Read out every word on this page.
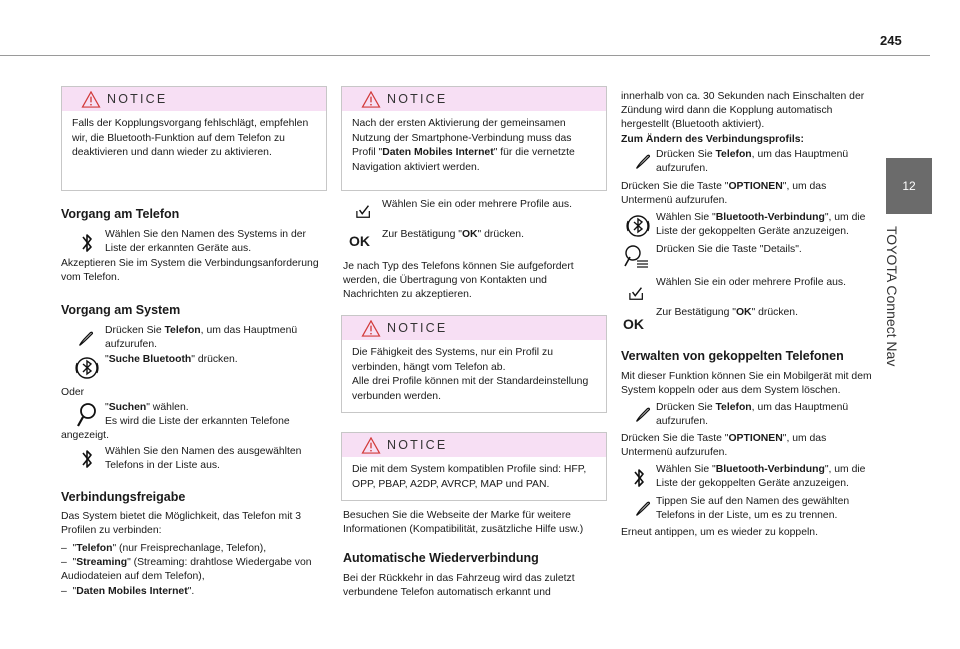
245
12
TOYOTA Connect Nav
NOTICE
Falls der Kopplungsvorgang fehlschlägt, empfehlen wir, die Bluetooth-Funktion auf dem Telefon zu deaktivieren und dann wieder zu aktivieren.
Vorgang am Telefon

Wählen Sie den Namen des Systems in der Liste der erkannten Geräte aus.

Akzeptieren Sie im System die Verbindungsanforderung vom Telefon.

Vorgang am System

Drücken Sie Telefon, um das Hauptmenü aufzurufen.

"Suche Bluetooth" drücken.

Oder

"Suchen" wählen.

Es wird die Liste der erkannten Telefone

angezeigt.

Wählen Sie den Namen des ausgewählten Telefons in der Liste aus.

Verbindungsfreigabe

Das System bietet die Möglichkeit, das Telefon mit 3 Profilen zu verbinden:

–  "Telefon" (nur Freisprechanlage, Telefon),

–  "Streaming" (Streaming: drahtlose Wiedergabe von Audiodateien auf dem Telefon),

–  "Daten Mobiles Internet".

NOTICE
Nach der ersten Aktivierung der gemeinsamen Nutzung der Smartphone-Verbindung muss das Profil "Daten Mobiles Internet" für die vernetzte Navigation aktiviert werden.

Wählen Sie ein oder mehrere Profile aus.

OK Zur Bestätigung "OK" drücken.

Je nach Typ des Telefons können Sie aufgefordert werden, die Übertragung von Kontakten und Nachrichten zu akzeptieren.

NOTICE
Die Fähigkeit des Systems, nur ein Profil zu verbinden, hängt vom Telefon ab.
Alle drei Profile können mit der Standardeinstellung verbunden werden.
NOTICE
Die mit dem System kompatiblen Profile sind: HFP, OPP, PBAP, A2DP, AVRCP, MAP und PAN.

Besuchen Sie die Webseite der Marke für weitere Informationen (Kompatibilität, zusätzliche Hilfe usw.)

Automatische Wiederverbindung

Bei der Rückkehr in das Fahrzeug wird das zuletzt verbundene Telefon automatisch erkannt und

innerhalb von ca. 30 Sekunden nach Einschalten der Zündung wird dann die Kopplung automatisch hergestellt (Bluetooth aktiviert).

Zum Ändern des Verbindungsprofils:

Drücken Sie Telefon, um das Hauptmenü aufzurufen.

Drücken Sie die Taste "OPTIONEN", um das Untermenü aufzurufen.

Wählen Sie "Bluetooth-Verbindung", um die Liste der gekoppelten Geräte anzuzeigen.

Drücken Sie die Taste "Details".

Wählen Sie ein oder mehrere Profile aus.

OK

Zur Bestätigung "OK" drücken.

Verwalten von gekoppelten Telefonen

Mit dieser Funktion können Sie ein Mobilgerät mit dem System koppeln oder aus dem System löschen.

Drücken Sie Telefon, um das Hauptmenü aufzurufen.

Drücken Sie die Taste "OPTIONEN", um das Untermenü aufzurufen.

Wählen Sie "Bluetooth-Verbindung", um die Liste der gekoppelten Geräte anzuzeigen.

Tippen Sie auf den Namen des gewählten Telefons in der Liste, um es zu trennen.

Erneut antippen, um es wieder zu koppeln.
